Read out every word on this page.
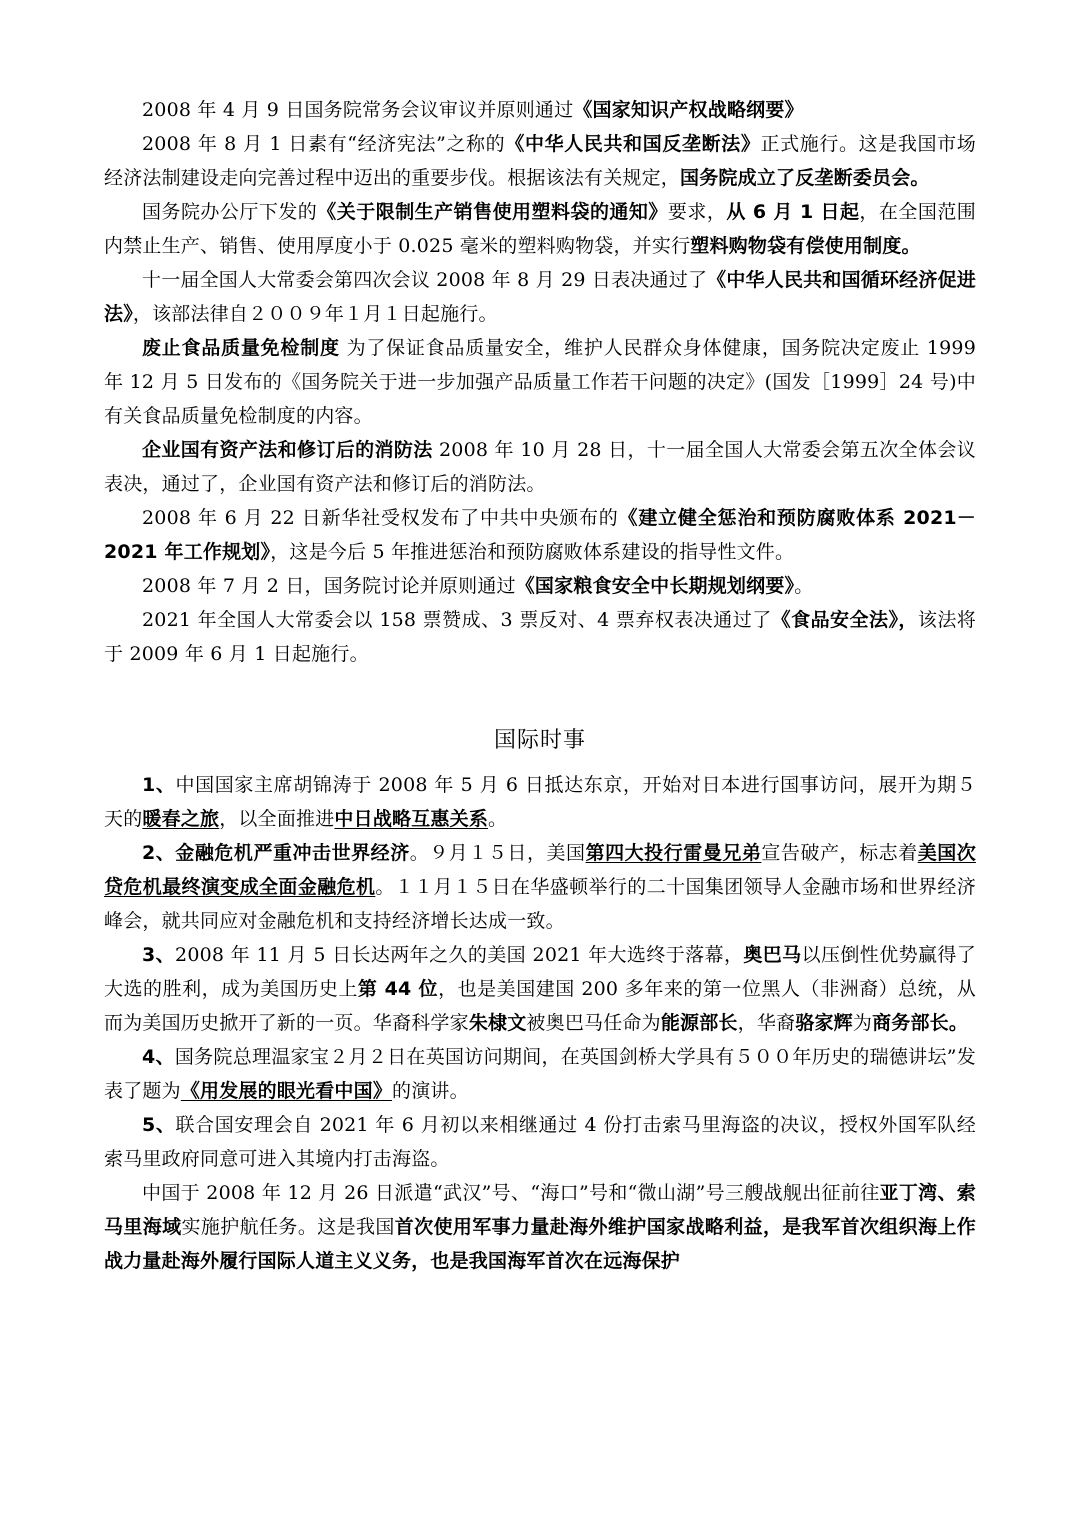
2008 年 4 月 9 日国务院常务会议审议并原则通过《国家知识产权战略纲要》

2008 年 8 月 1 日素有“经济宪法”之称的《中华人民共和国反垄断法》正式施行。这是我国市场经济法制建设走向完善过程中迈出的重要步伐。根据该法有关规定，国务院成立了反垄断委员会。

国务院办公厅下发的《关于限制生产销售使用塑料袋的通知》要求，从 6 月 1 日起，在全国范围内禁止生产、销售、使用厚度小于 0.025 毫米的塑料购物袋，并实行塑料购物袋有偿使用制度。

十一届全国人大常委会第四次会议 2008 年 8 月 29 日表决通过了《中华人民共和国循环经济促进法》，该部法律自２００９年１月１日起施行。

废止食品质量免检制度 为了保证食品质量安全，维护人民群众身体健康，国务院决定废止 1999 年 12 月 5 日发布的《国务院关于进一步加强产品质量工作若干问题的决定》(国发［1999］24 号)中有关食品质量免检制度的内容。

企业国有资产法和修订后的消防法 2008 年 10 月 28 日，十一届全国人大常委会第五次全体会议表决，通过了，企业国有资产法和修订后的消防法。

2008 年 6 月 22 日新华社受权发布了中共中央颁布的《建立健全惩治和预防腐败体系 2021－2021 年工作规划》，这是今后 5 年推进惩治和预防腐败体系建设的指导性文件。

2008 年 7 月 2 日，国务院讨论并原则通过《国家粮食安全中长期规划纲要》。

2021 年全国人大常委会以 158 票赞成、3 票反对、4 票弃权表决通过了《食品安全法》，该法将于 2009 年 6 月 1 日起施行。

国际时事

1、中国国家主席胡锦涛于 2008 年 5 月 6 日抵达东京，开始对日本进行国事访问，展开为期５天的暖春之旅，以全面推进中日战略互惠关系。

2、金融危机严重冲击世界经济。９月１５日，美国第四大投行雷曼兄弟宣告破产，标志着美国次贷危机最终演变成全面金融危机。１１月１５日在华盛顿举行的二十国集团领导人金融市场和世界经济峰会，就共同应对金融危机和支持经济增长达成一致。

3、2008 年 11 月 5 日长达两年之久的美国 2021 年大选终于落幕，奥巴马以压倒性优势赢得了大选的胜利，成为美国历史上第 44 位，也是美国建国 200 多年来的第一位黑人（非洲裔）总统，从而为美国历史掀开了新的一页。华裔科学家朱棣文被奥巴马任命为能源部长，华裔骆家辉为商务部长。

4、国务院总理温家宝２月２日在英国访问期间，在英国剑桥大学具有５００年历史的瑞德讲坛”发表了题为《用发展的眼光看中国》的演讲。

5、联合国安理会自 2021 年 6 月初以来相继通过 4 份打击索马里海盗的决议，授权外国军队经索马里政府同意可进入其境内打击海盗。

中国于 2008 年 12 月 26 日派遣“武汉”号、“海口”号和“微山湖”号三艘战舰出征前往亚丁湾、索马里海域实施护航任务。这是我国首次使用军事力量赴海外维护国家战略利益，是我军首次组织海上作战力量赴海外履行国际人道主义义务，也是我国海军首次在远海保护
